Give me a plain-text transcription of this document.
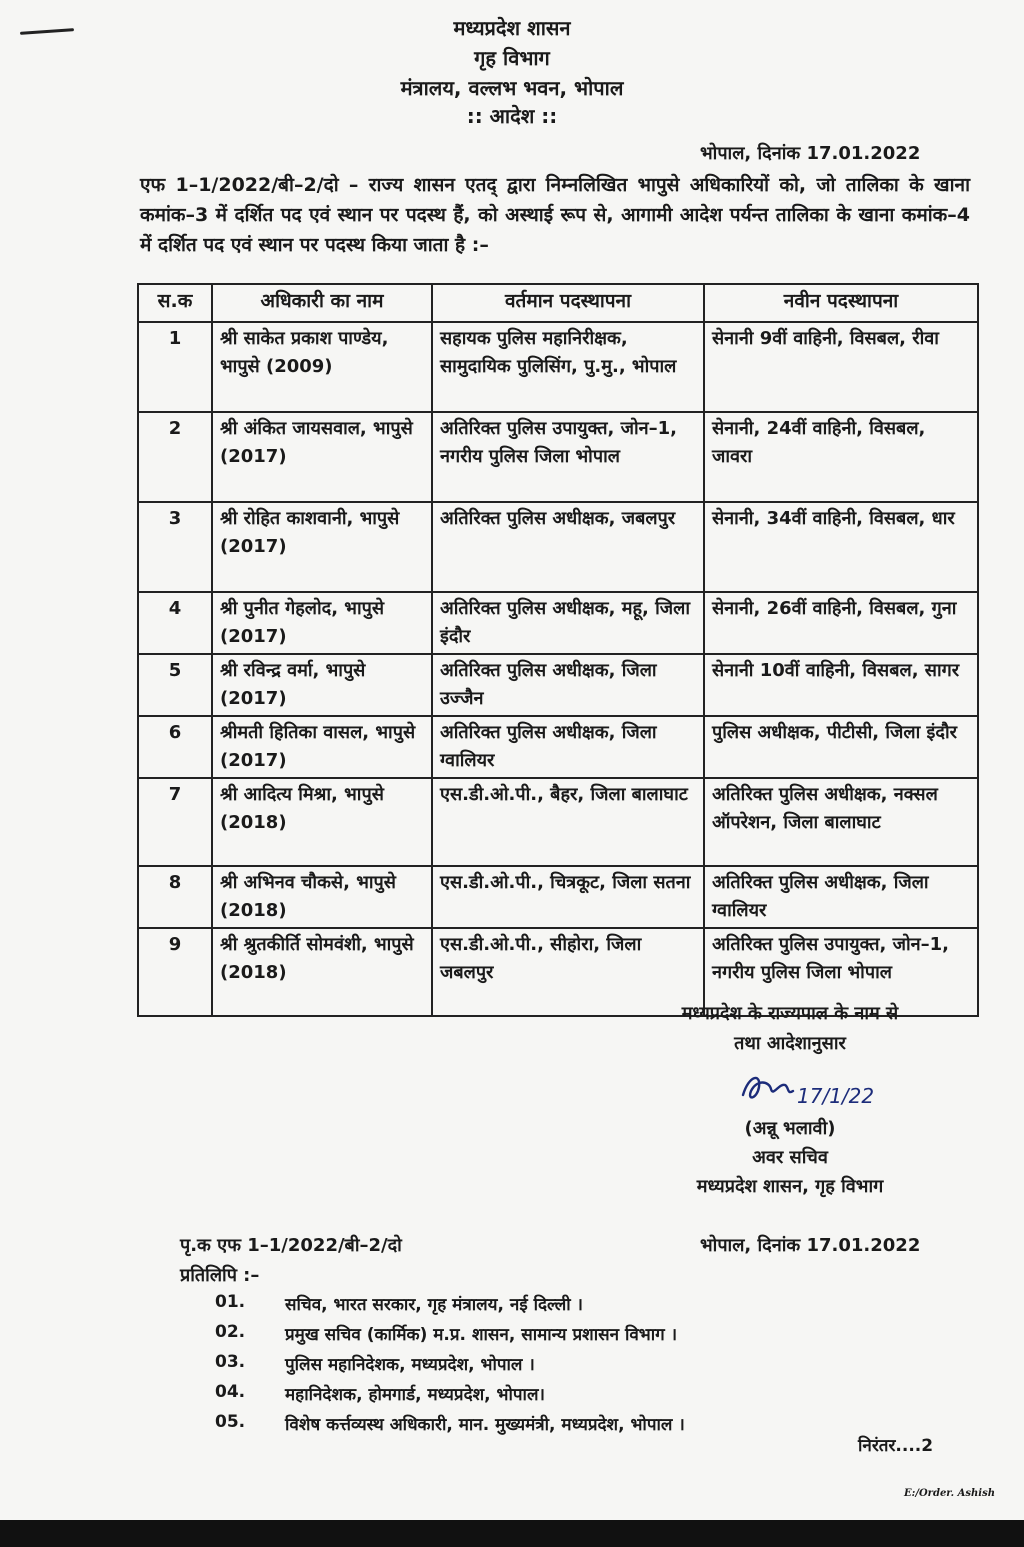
मध्यप्रदेश शासन
गृह विभाग
मंत्रालय, वल्लभ भवन, भोपाल
:: आदेश ::
भोपाल, दिनांक 17.01.2022
एफ 1–1/2022/बी–2/दो – राज्य शासन एतद् द्वारा निम्नलिखित भापुसे अधिकारियों को, जो तालिका के खाना कमांक–3 में दर्शित पद एवं स्थान पर पदस्थ हैं, को अस्थाई रूप से, आगामी आदेश पर्यन्त तालिका के खाना कमांक–4 में दर्शित पद एवं स्थान पर पदस्थ किया जाता है :–
स.क	अधिकारी का नाम	वर्तमान पदस्थापना	नवीन पदस्थापना
1	श्री साकेत प्रकाश पाण्डेय, भापुसे (2009)	सहायक पुलिस महानिरीक्षक, सामुदायिक पुलिसिंग, पु.मु., भोपाल	सेनानी 9वीं वाहिनी, विसबल, रीवा
2	श्री अंकित जायसवाल, भापुसे (2017)	अतिरिक्त पुलिस उपायुक्त, जोन–1, नगरीय पुलिस जिला भोपाल	सेनानी, 24वीं वाहिनी, विसबल, जावरा
3	श्री रोहित काशवानी, भापुसे (2017)	अतिरिक्त पुलिस अधीक्षक, जबलपुर	सेनानी, 34वीं वाहिनी, विसबल, धार
4	श्री पुनीत गेहलोद, भापुसे (2017)	अतिरिक्त पुलिस अधीक्षक, महू, जिला इंदौर	सेनानी, 26वीं वाहिनी, विसबल, गुना
5	श्री रविन्द्र वर्मा, भापुसे (2017)	अतिरिक्त पुलिस अधीक्षक, जिला उज्जैन	सेनानी 10वीं वाहिनी, विसबल, सागर
6	श्रीमती हितिका वासल, भापुसे (2017)	अतिरिक्त पुलिस अधीक्षक, जिला ग्वालियर	पुलिस अधीक्षक, पीटीसी, जिला इंदौर
7	श्री आदित्य मिश्रा, भापुसे (2018)	एस.डी.ओ.पी., बैहर, जिला बालाघाट	अतिरिक्त पुलिस अधीक्षक, नक्सल ऑपरेशन, जिला बालाघाट
8	श्री अभिनव चौकसे, भापुसे (2018)	एस.डी.ओ.पी., चित्रकूट, जिला सतना	अतिरिक्त पुलिस अधीक्षक, जिला ग्वालियर
9	श्री श्रुतकीर्ति सोमवंशी, भापुसे (2018)	एस.डी.ओ.पी., सीहोरा, जिला जबलपुर	अतिरिक्त पुलिस उपायुक्त, जोन–1, नगरीय पुलिस जिला भोपाल
मध्यप्रदेश के राज्यपाल के नाम से
तथा आदेशानुसार
17/1/22
(अन्नू भलावी)
अवर सचिव
मध्यप्रदेश शासन, गृह विभाग
पृ.क एफ 1–1/2022/बी–2/दो	भोपाल, दिनांक 17.01.2022
प्रतिलिपि :–
01.	सचिव, भारत सरकार, गृह मंत्रालय, नई दिल्ली ।
02.	प्रमुख सचिव (कार्मिक) म.प्र. शासन, सामान्य प्रशासन विभाग ।
03.	पुलिस महानिदेशक, मध्यप्रदेश, भोपाल ।
04.	महानिदेशक, होमगार्ड, मध्यप्रदेश, भोपाल।
05.	विशेष कर्त्तव्यस्थ अधिकारी, मान. मुख्यमंत्री, मध्यप्रदेश, भोपाल ।
निरंतर....2
E:/Order. Ashish
